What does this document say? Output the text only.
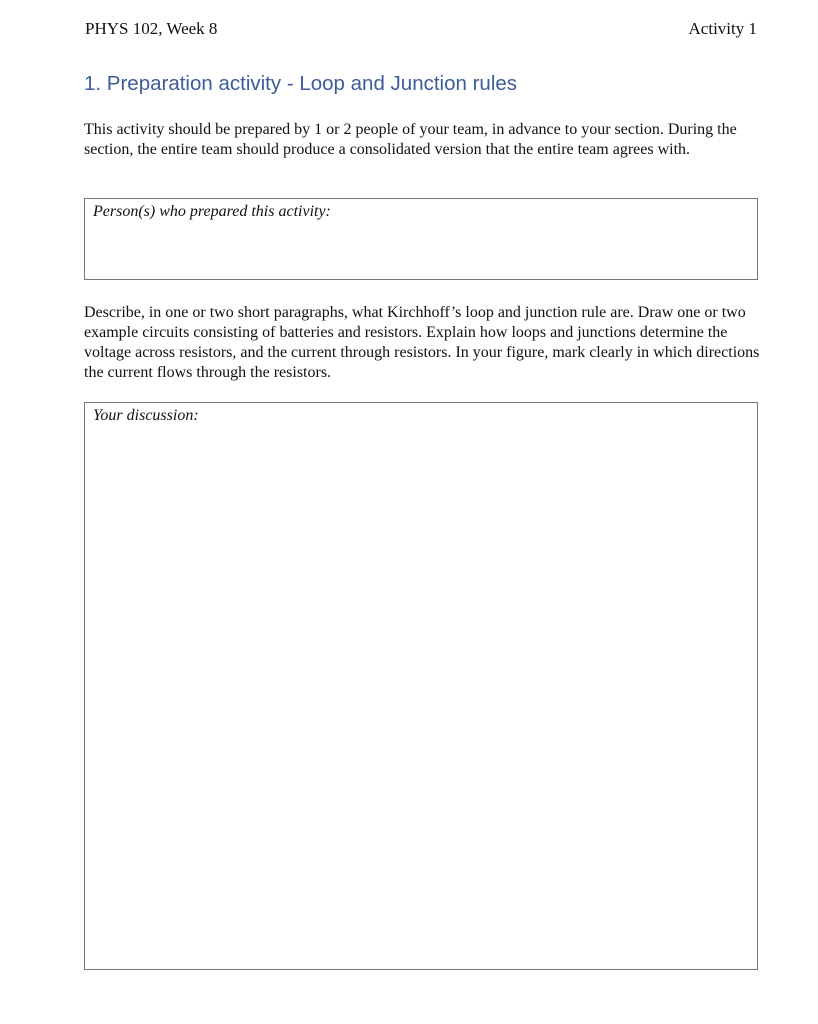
PHYS 102, Week 8	Activity 1
1. Preparation activity - Loop and Junction rules
This activity should be prepared by 1 or 2 people of your team, in advance to your section. During the section, the entire team should produce a consolidated version that the entire team agrees with.
Person(s) who prepared this activity:
Describe, in one or two short paragraphs, what Kirchhoff’s loop and junction rule are. Draw one or two example circuits consisting of batteries and resistors. Explain how loops and junctions determine the voltage across resistors, and the current through resistors. In your figure, mark clearly in which directions the current flows through the resistors.
Your discussion:
